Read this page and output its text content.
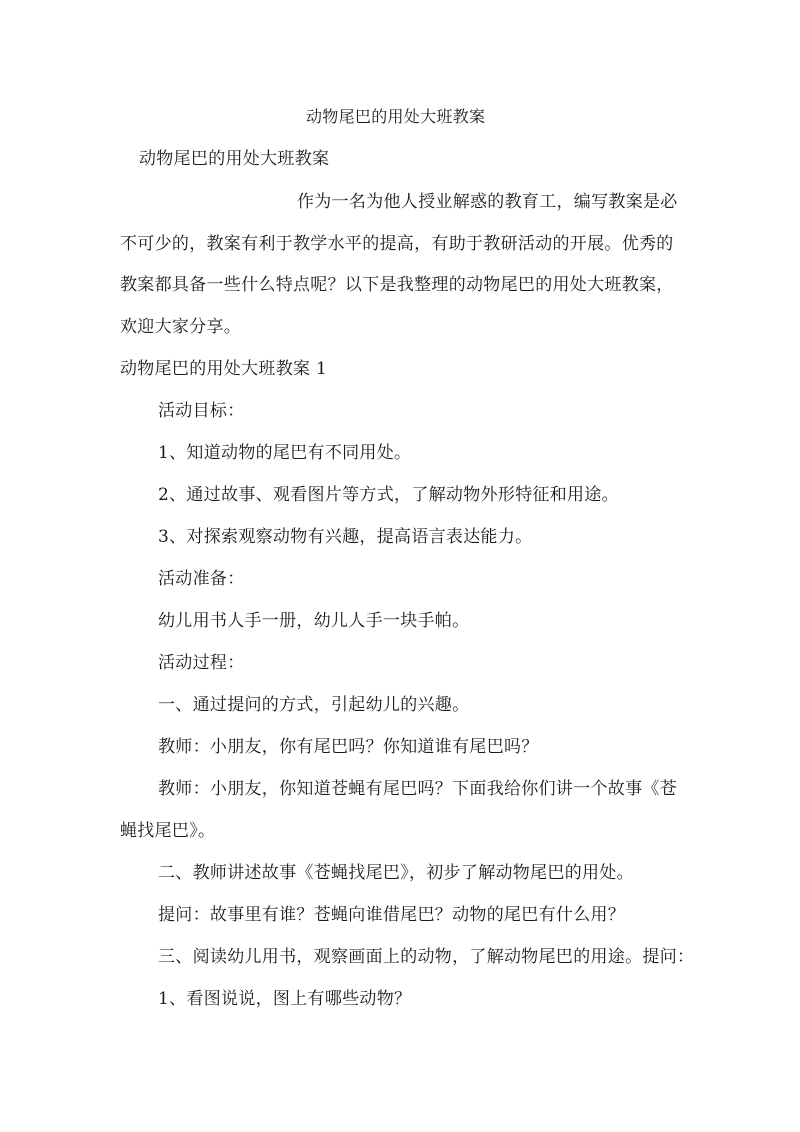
动物尾巴的用处大班教案
动物尾巴的用处大班教案
作为一名为他人授业解惑的教育工，编写教案是必
不可少的，教案有利于教学水平的提高，有助于教研活动的开展。优秀的
教案都具备一些什么特点呢？以下是我整理的动物尾巴的用处大班教案，
欢迎大家分享。
动物尾巴的用处大班教案 1
活动目标：
1、知道动物的尾巴有不同用处。
2、通过故事、观看图片等方式，了解动物外形特征和用途。
3、对探索观察动物有兴趣，提高语言表达能力。
活动准备：
幼儿用书人手一册，幼儿人手一块手帕。
活动过程：
一、通过提问的方式，引起幼儿的兴趣。
教师：小朋友，你有尾巴吗？你知道谁有尾巴吗？
教师：小朋友，你知道苍蝇有尾巴吗？下面我给你们讲一个故事《苍
蝇找尾巴》。
二、教师讲述故事《苍蝇找尾巴》，初步了解动物尾巴的用处。
提问：故事里有谁？苍蝇向谁借尾巴？动物的尾巴有什么用？
三、阅读幼儿用书，观察画面上的动物，了解动物尾巴的用途。提问：
1、看图说说，图上有哪些动物？
